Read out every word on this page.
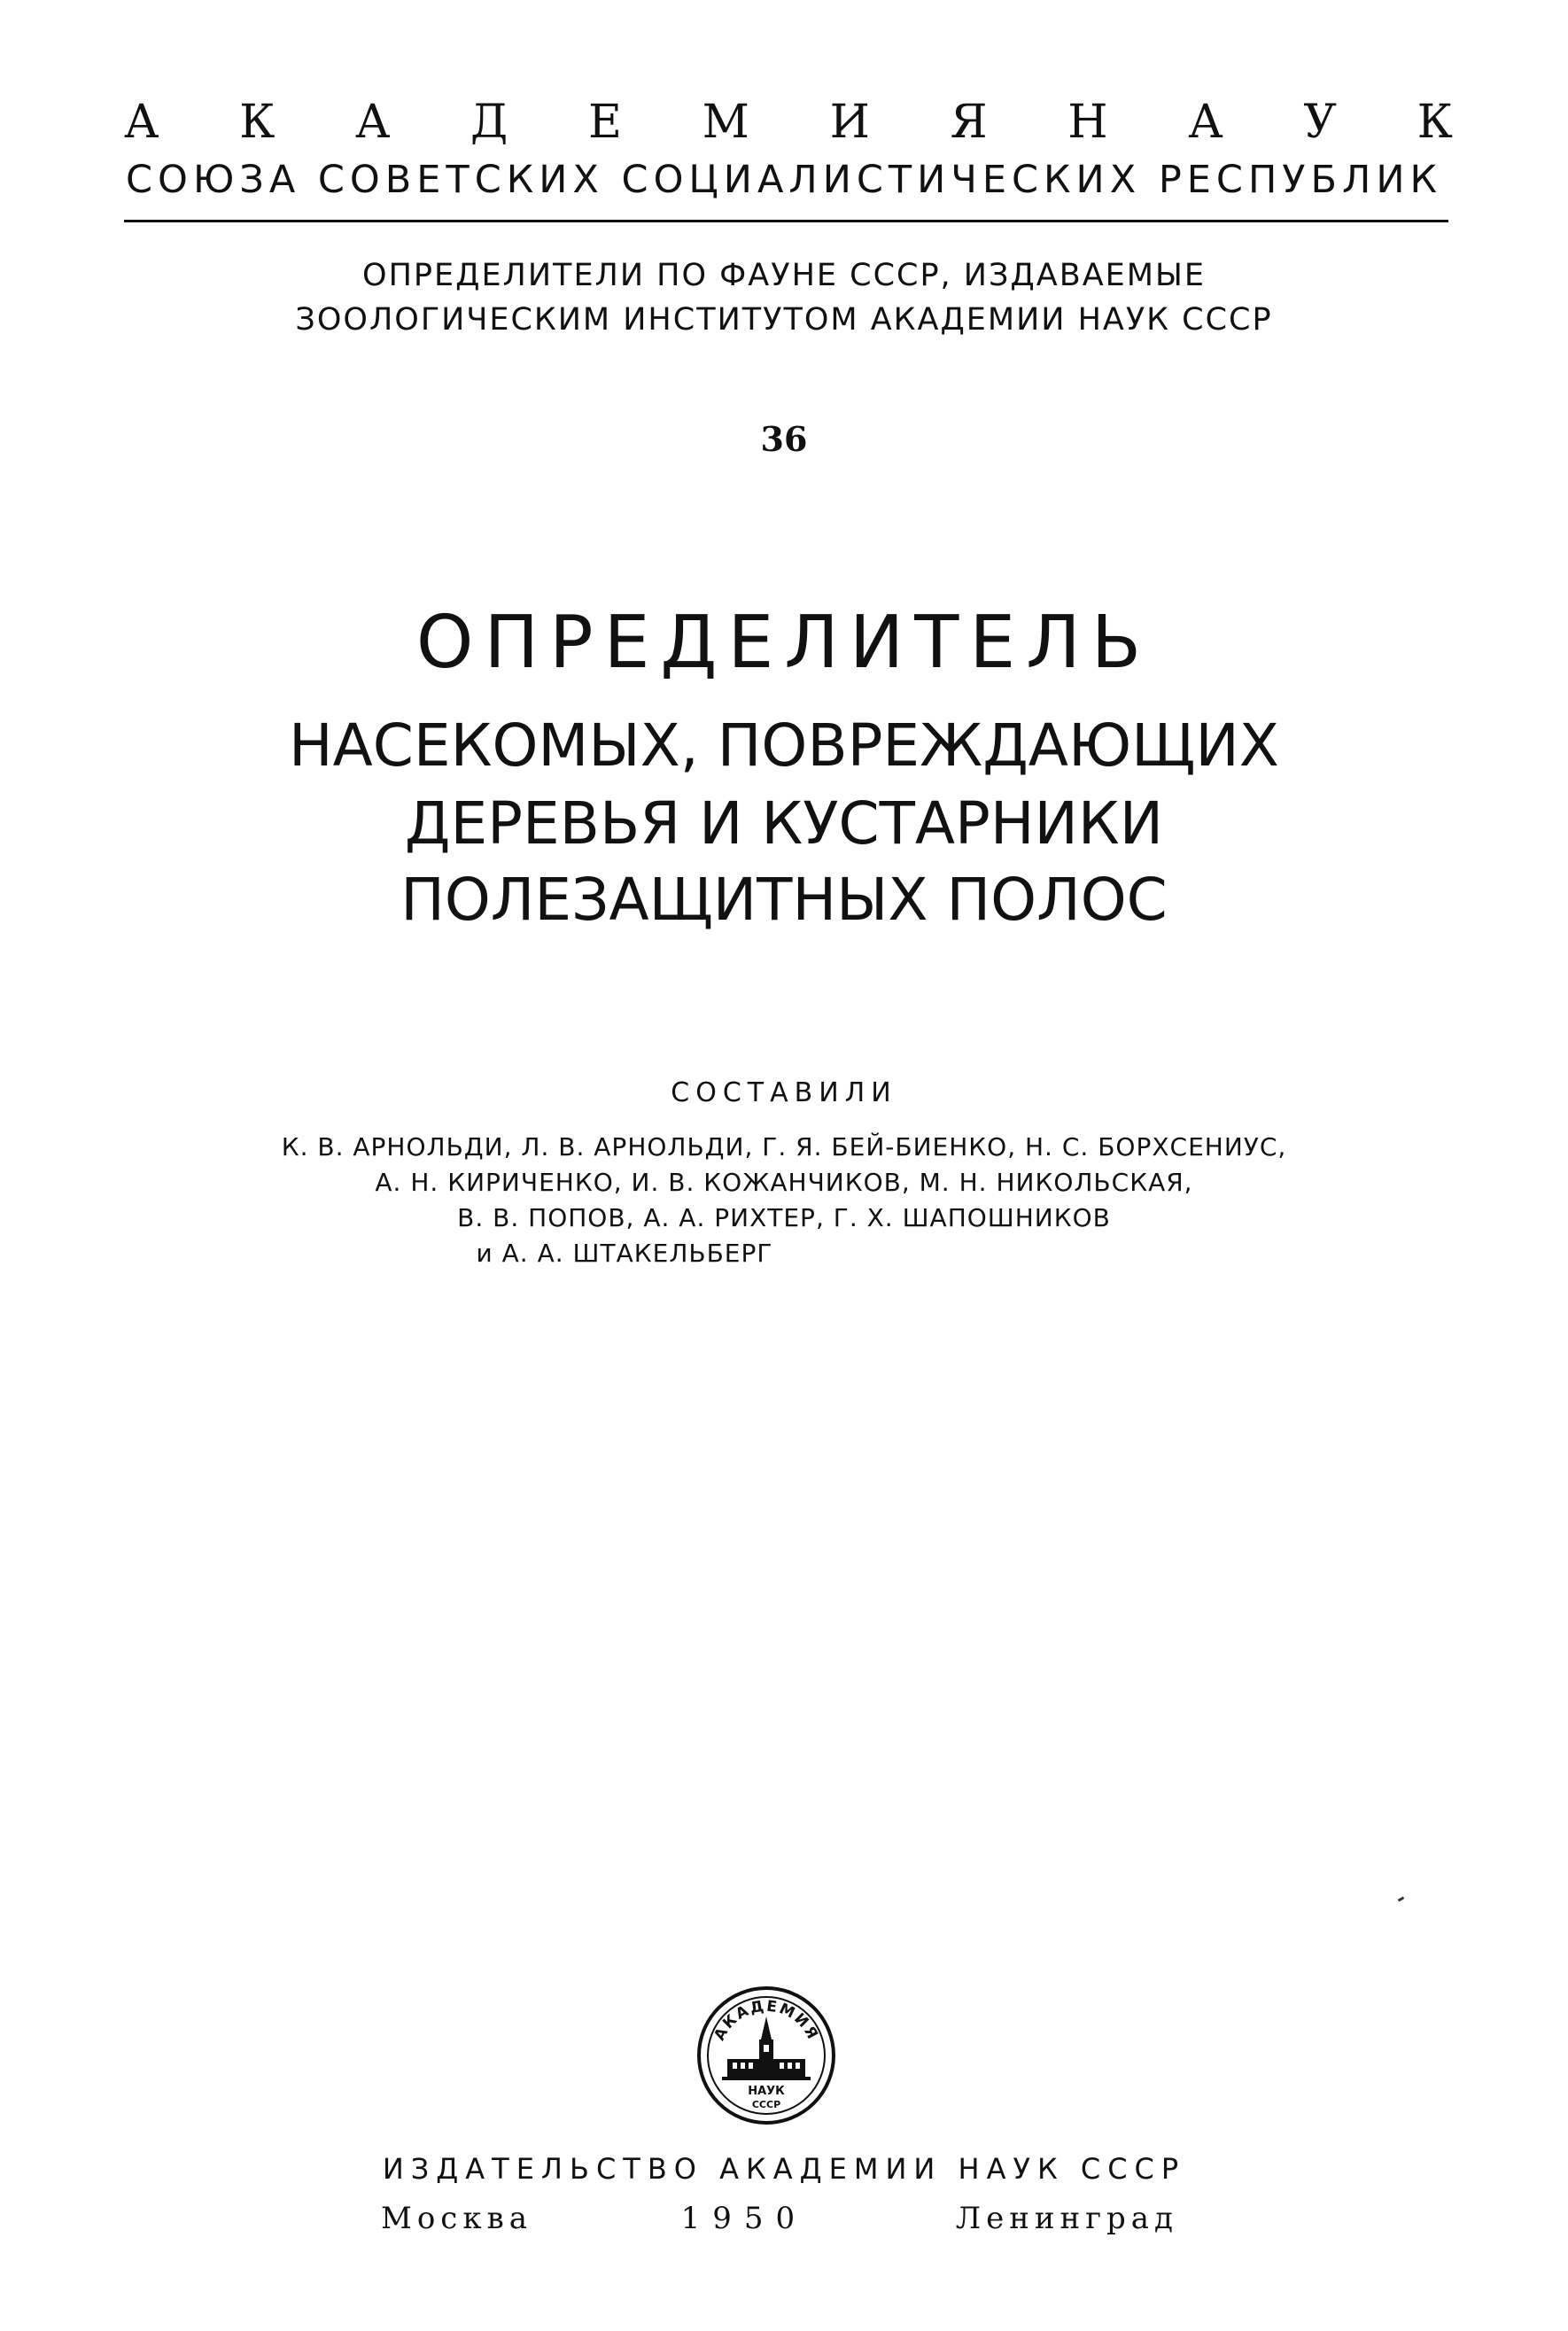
А К А Д Е М И Я Н А У К
СОЮЗА СОВЕТСКИХ СОЦИАЛИСТИЧЕСКИХ РЕСПУБЛИК
ОПРЕДЕЛИТЕЛИ ПО ФАУНЕ СССР, ИЗДАВАЕМЫЕ
ЗООЛОГИЧЕСКИМ ИНСТИТУТОМ АКАДЕМИИ НАУК СССР
36
ОПРЕДЕЛИТЕЛЬ
НАСЕКОМЫХ, ПОВРЕЖДАЮЩИХ
ДЕРЕВЬЯ И КУСТАРНИКИ
ПОЛЕЗАЩИТНЫХ ПОЛОС
СОСТАВИЛИ
К. В. АРНОЛЬДИ, Л. В. АРНОЛЬДИ, Г. Я. БЕЙ-БИЕНКО, Н. С. БОРХСЕНИУС,
А. Н. КИРИЧЕНКО, И. В. КОЖАНЧИКОВ, М. Н. НИКОЛЬСКАЯ,
В. В. ПОПОВ, А. А. РИХТЕР, Г. Х. ШАПОШНИКОВ
и А. А. ШТАКЕЛЬБЕРГ
АКАДЕМИЯ
НАУК
СССР
ИЗДАТЕЛЬСТВО АКАДЕМИИ НАУК СССР
Москва	1950	Ленинград
